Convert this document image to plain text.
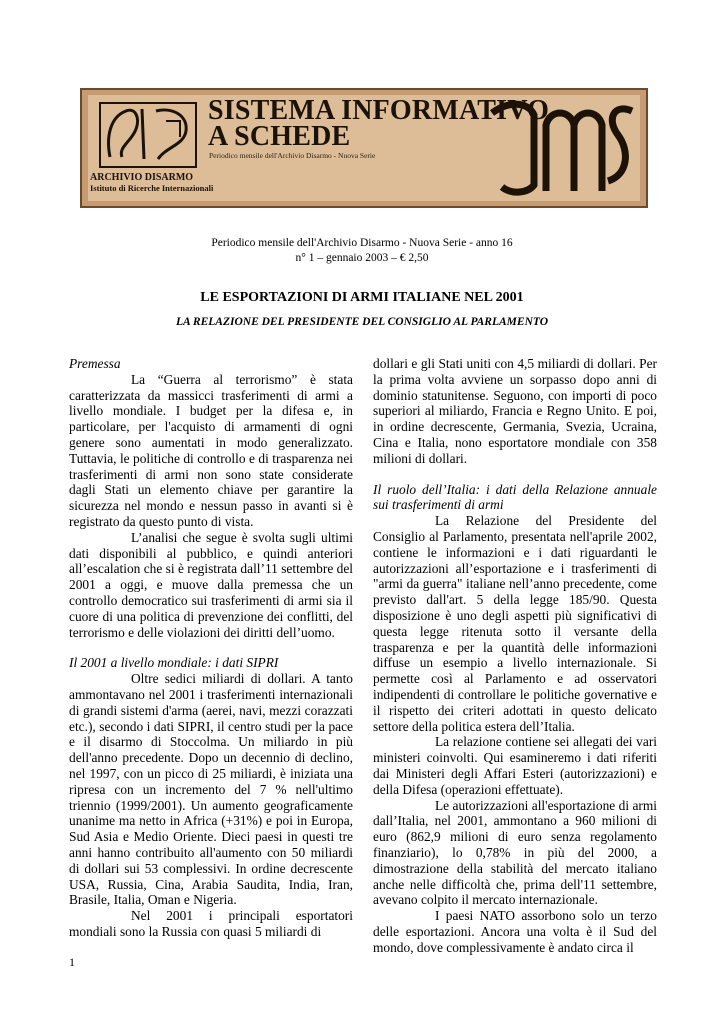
SISTEMA INFORMATIVO
A SCHEDE
Periodico mensile dell'Archivio Disarmo - Nuova Serie
ARCHIVIO DISARMO
Istituto di Ricerche Internazionali
Periodico mensile dell'Archivio Disarmo - Nuova Serie - anno 16
n° 1 – gennaio 2003 – € 2,50
LE ESPORTAZIONI DI ARMI ITALIANE NEL 2001
LA RELAZIONE DEL PRESIDENTE DEL CONSIGLIO AL PARLAMENTO

Premessa

La “Guerra al terrorismo” è stata caratterizzata da massicci trasferimenti di armi a livello mondiale. I budget per la difesa e, in particolare, per l'acquisto di armamenti di ogni genere sono aumentati in modo generalizzato. Tuttavia, le politiche di controllo e di trasparenza nei trasferimenti di armi non sono state considerate dagli Stati un elemento chiave per garantire la sicurezza nel mondo e nessun passo in avanti si è registrato da questo punto di vista.

L’analisi che segue è svolta sugli ultimi dati disponibili al pubblico, e quindi anteriori all’escalation che si è registrata dall’11 settembre del 2001 a oggi, e muove dalla premessa che un controllo democratico sui trasferimenti di armi sia il cuore di una politica di prevenzione dei conflitti, del terrorismo e delle violazioni dei diritti dell’uomo.

Il 2001 a livello mondiale: i dati SIPRI

Oltre sedici miliardi di dollari. A tanto ammontavano nel 2001 i trasferimenti internazionali di grandi sistemi d'arma (aerei, navi, mezzi corazzati etc.), secondo i dati SIPRI, il centro studi per la pace e il disarmo di Stoccolma. Un miliardo in più dell'anno precedente. Dopo un decennio di declino, nel 1997, con un picco di 25 miliardi, è iniziata una ripresa con un incremento del 7 % nell'ultimo triennio (1999/2001). Un aumento geograficamente unanime ma netto in Africa (+31%) e poi in Europa, Sud Asia e Medio Oriente. Dieci paesi in questi tre anni hanno contribuito all'aumento con 50 miliardi di dollari sui 53 complessivi. In ordine decrescente USA, Russia, Cina, Arabia Saudita, India, Iran, Brasile, Italia, Oman e Nigeria.

Nel 2001 i principali esportatori mondiali sono la Russia con quasi 5 miliardi di

dollari e gli Stati uniti con 4,5 miliardi di dollari. Per la prima volta avviene un sorpasso dopo anni di dominio statunitense. Seguono, con importi di poco superiori al miliardo, Francia e Regno Unito. E poi, in ordine decrescente, Germania, Svezia, Ucraina, Cina e Italia, nono esportatore mondiale con 358 milioni di dollari.

Il ruolo dell’Italia: i dati della Relazione annuale sui trasferimenti di armi

La Relazione del Presidente del Consiglio al Parlamento, presentata nell'aprile 2002, contiene le informazioni e i dati riguardanti le autorizzazioni all’esportazione e i trasferimenti di "armi da guerra" italiane nell’anno precedente, come previsto dall'art. 5 della legge 185/90. Questa disposizione è uno degli aspetti più significativi di questa legge ritenuta sotto il versante della trasparenza e per la quantità delle informazioni diffuse un esempio a livello internazionale. Si permette così al Parlamento e ad osservatori indipendenti di controllare le politiche governative e il rispetto dei criteri adottati in questo delicato settore della politica estera dell’Italia.

La relazione contiene sei allegati dei vari ministeri coinvolti. Qui esamineremo i dati riferiti dai Ministeri degli Affari Esteri (autorizzazioni) e della Difesa (operazioni effettuate).

Le autorizzazioni all'esportazione di armi dall’Italia, nel 2001, ammontano a 960 milioni di euro (862,9 milioni di euro senza regolamento finanziario), lo 0,78% in più del 2000, a dimostrazione della stabilità del mercato italiano anche nelle difficoltà che, prima dell'11 settembre, avevano colpito il mercato internazionale.

I paesi NATO assorbono solo un terzo delle esportazioni. Ancora una volta è il Sud del mondo, dove complessivamente è andato circa il

1
